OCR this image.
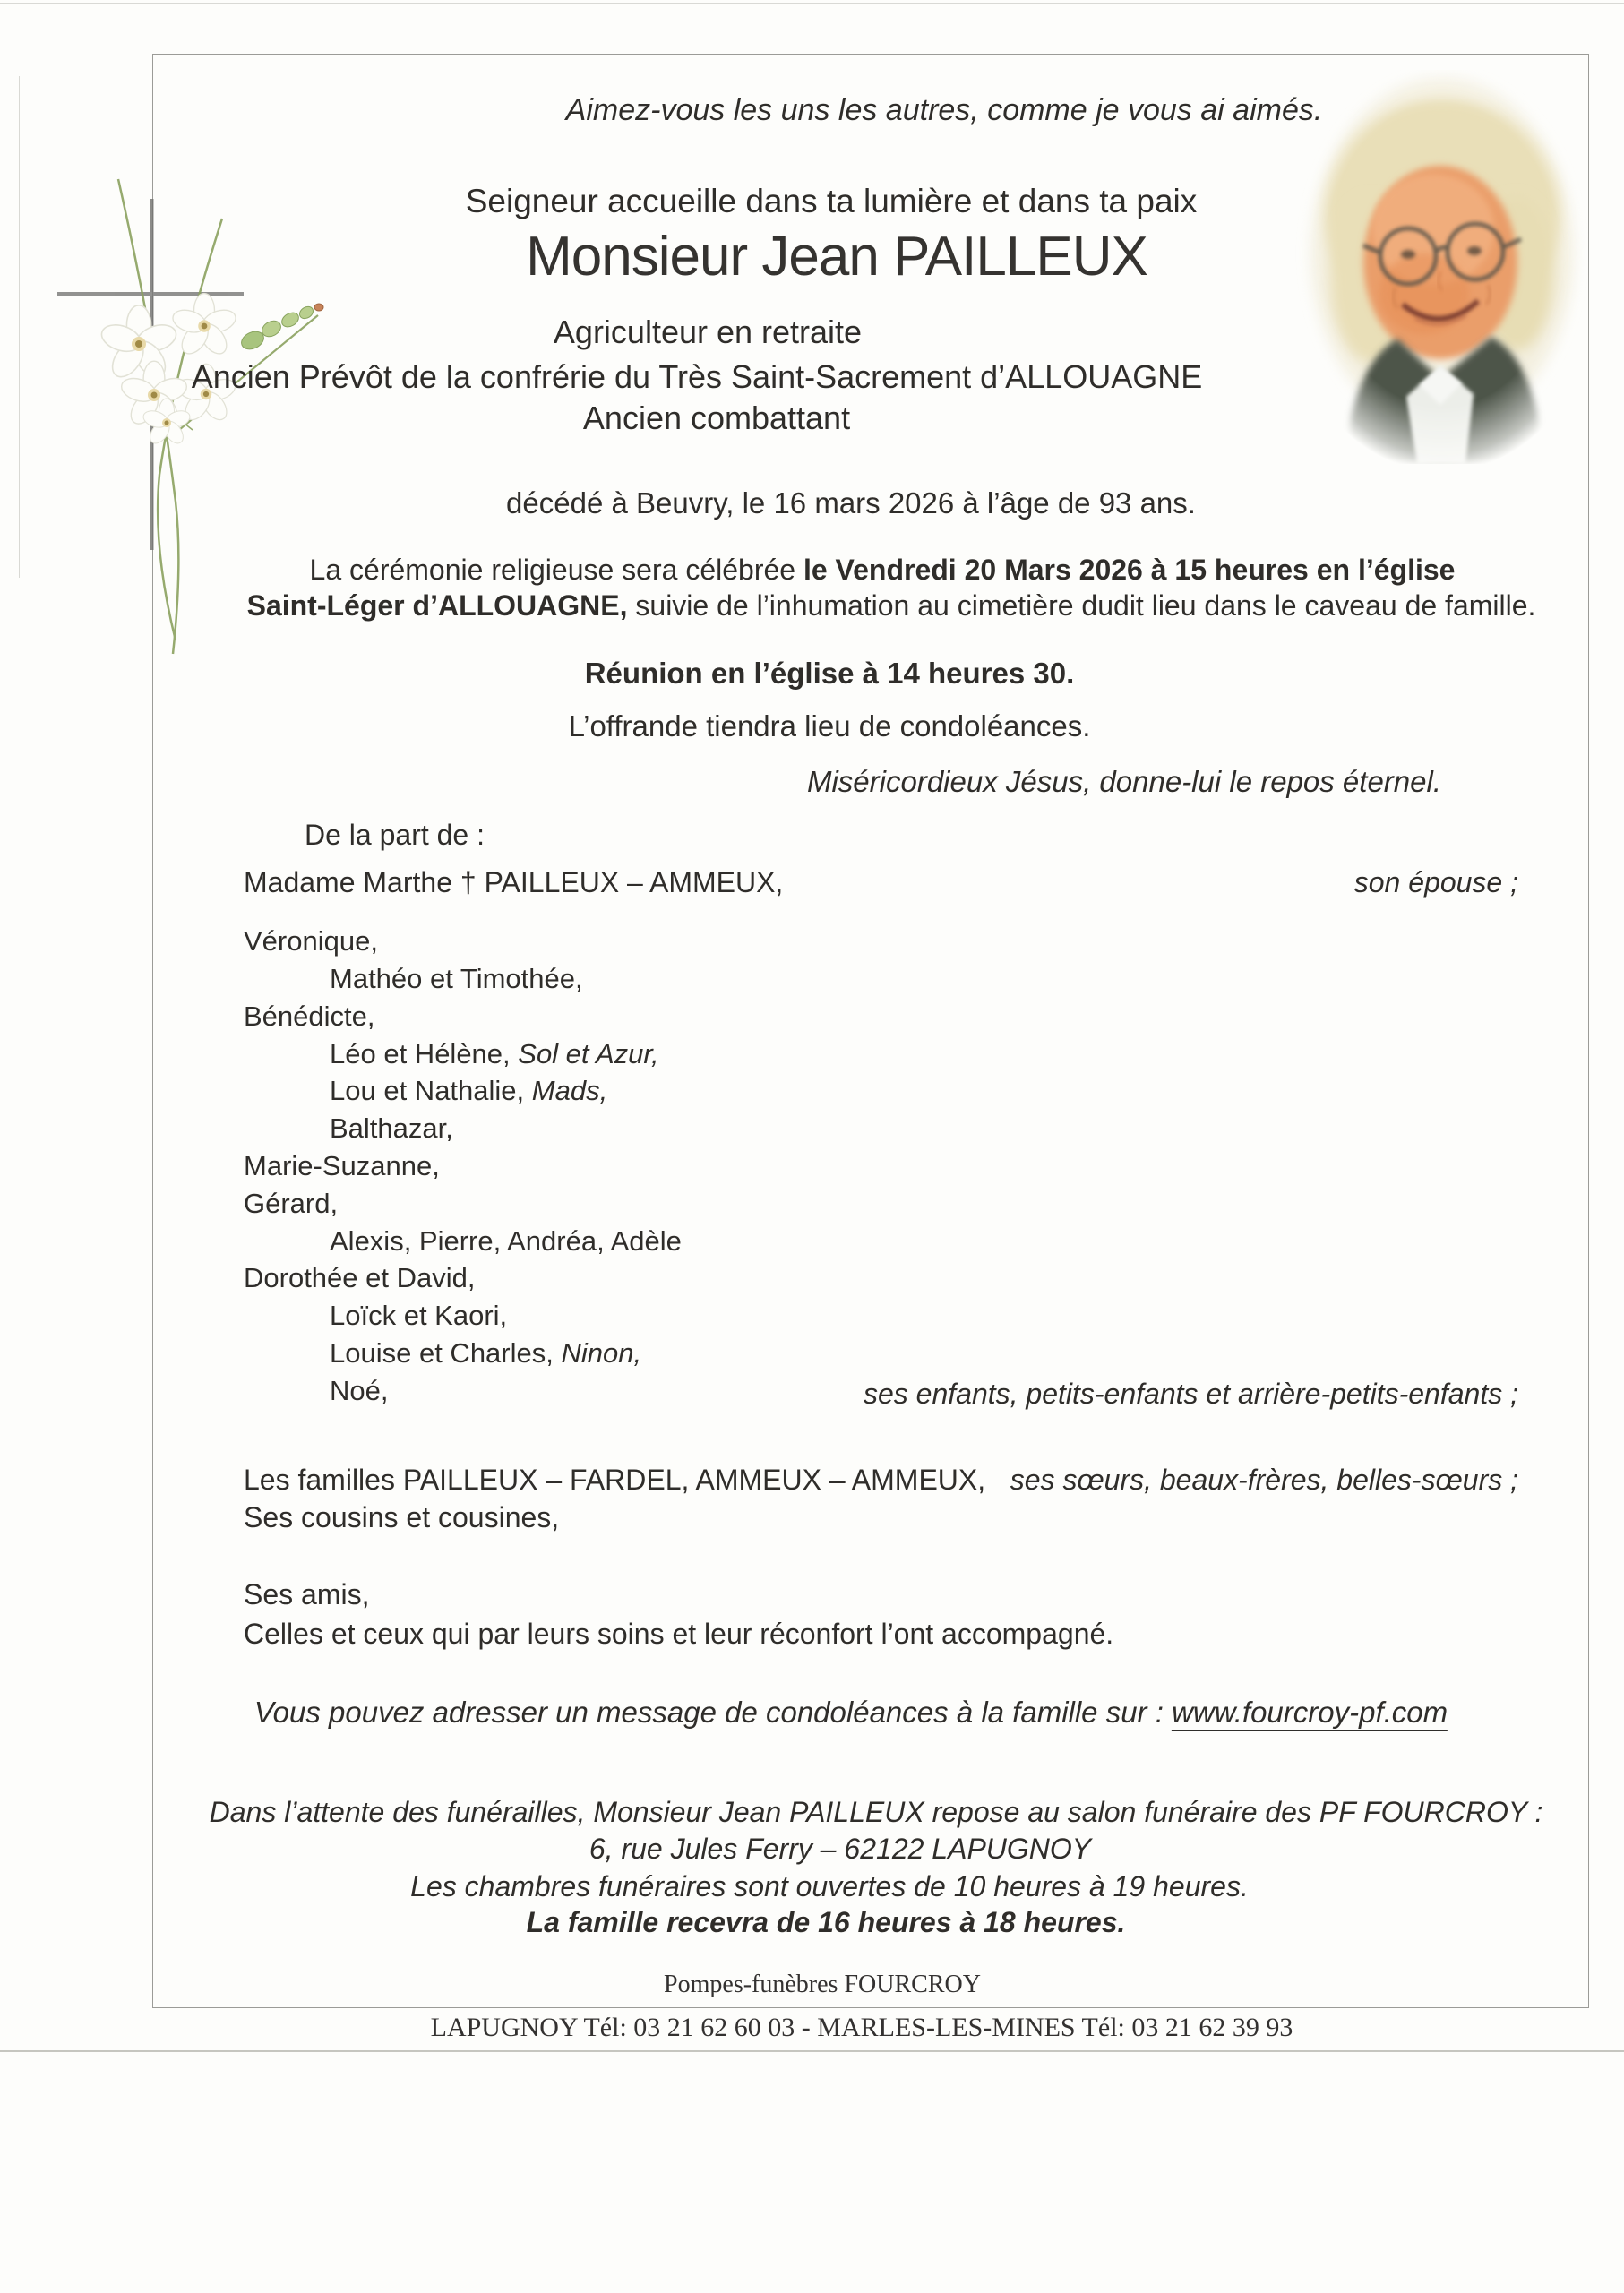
Aimez-vous les uns les autres, comme je vous ai aimés.
Seigneur accueille dans ta lumière et dans ta paix
Monsieur Jean PAILLEUX
Agriculteur en retraite
Ancien Prévôt de la confrérie du Très Saint-Sacrement d’ALLOUAGNE
Ancien combattant
décédé à Beuvry, le 16 mars 2026 à l’âge de 93 ans.
La cérémonie religieuse sera célébrée le Vendredi 20 Mars 2026 à 15 heures en l’église
Saint-Léger d’ALLOUAGNE, suivie de l’inhumation au cimetière dudit lieu dans le caveau de famille.
Réunion en l’église à 14 heures 30.
L’offrande tiendra lieu de condoléances.
Miséricordieux Jésus, donne-lui le repos éternel.
De la part de :
Madame Marthe † PAILLEUX – AMMEUX,	son épouse ;
Véronique,
Mathéo et Timothée,
Bénédicte,
Léo et Hélène, Sol et Azur,
Lou et Nathalie, Mads,
Balthazar,
Marie-Suzanne,
Gérard,
Alexis, Pierre, Andréa, Adèle
Dorothée et David,
Loïck et Kaori,
Louise et Charles, Ninon,
Noé,	ses enfants, petits-enfants et arrière-petits-enfants ;
Les familles PAILLEUX – FARDEL, AMMEUX – AMMEUX, ses sœurs, beaux-frères, belles-sœurs ;
Ses cousins et cousines,
Ses amis,
Celles et ceux qui par leurs soins et leur réconfort l’ont accompagné.
Vous pouvez adresser un message de condoléances à la famille sur : www.fourcroy-pf.com
Dans l’attente des funérailles, Monsieur Jean PAILLEUX repose au salon funéraire des PF FOURCROY :
6, rue Jules Ferry – 62122 LAPUGNOY
Les chambres funéraires sont ouvertes de 10 heures à 19 heures.
La famille recevra de 16 heures à 18 heures.
Pompes-funèbres FOURCROY
LAPUGNOY Tél: 03 21 62 60 03 - MARLES-LES-MINES Tél: 03 21 62 39 93
